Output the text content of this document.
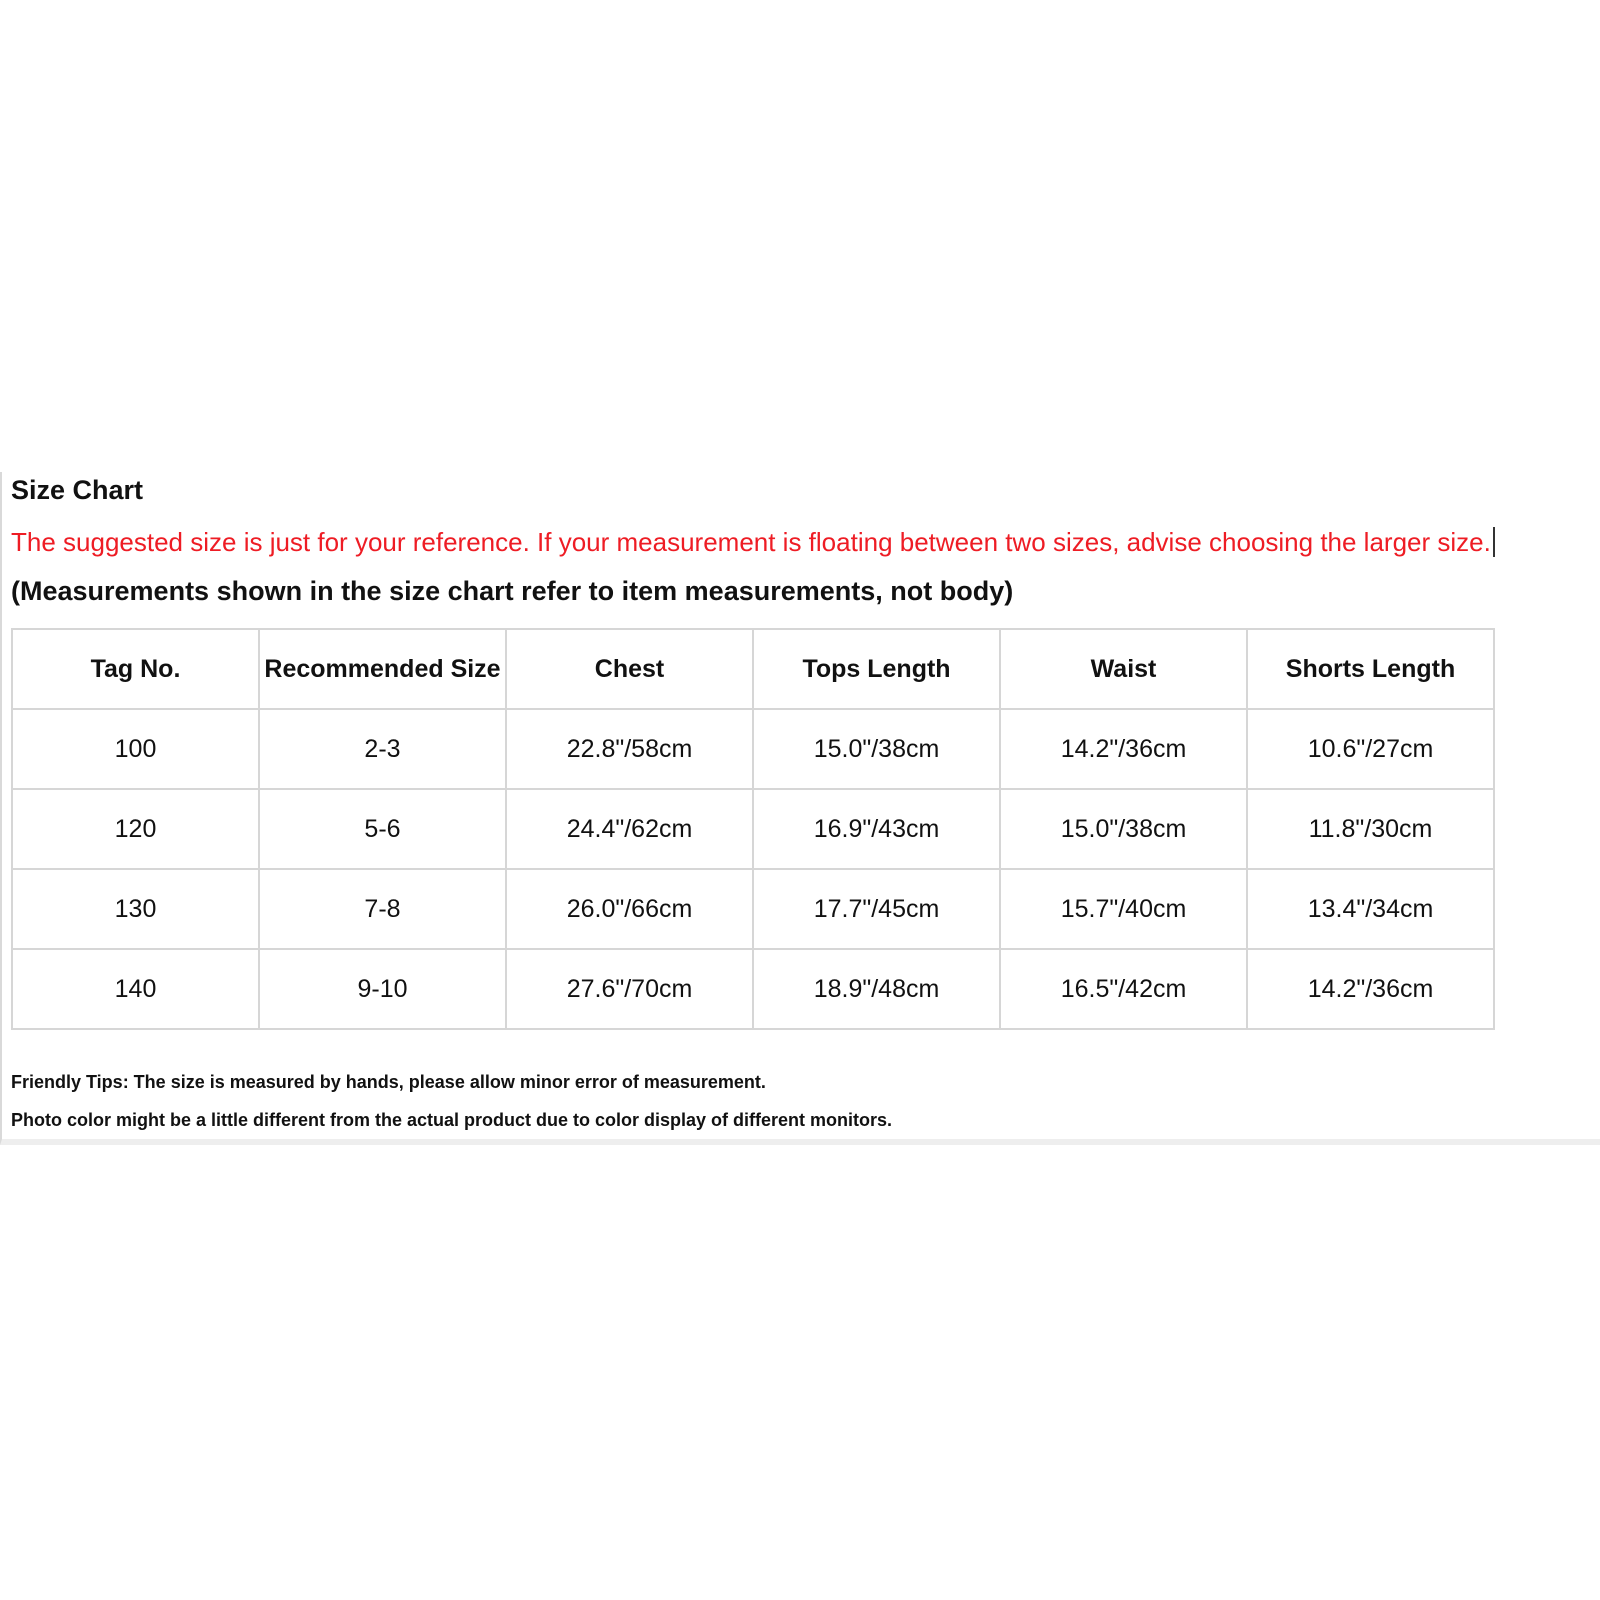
Size Chart
The suggested size is just for your reference. If your measurement is floating between two sizes, advise choosing the larger size.
(Measurements shown in the size chart refer to item measurements, not body)
Tag No.	Recommended Size	Chest	Tops Length	Waist	Shorts Length
100	2-3	22.8"/58cm	15.0"/38cm	14.2"/36cm	10.6"/27cm
120	5-6	24.4"/62cm	16.9"/43cm	15.0"/38cm	11.8"/30cm
130	7-8	26.0"/66cm	17.7"/45cm	15.7"/40cm	13.4"/34cm
140	9-10	27.6"/70cm	18.9"/48cm	16.5"/42cm	14.2"/36cm
Friendly Tips: The size is measured by hands, please allow minor error of measurement.
Photo color might be a little different from the actual product due to color display of different monitors.
